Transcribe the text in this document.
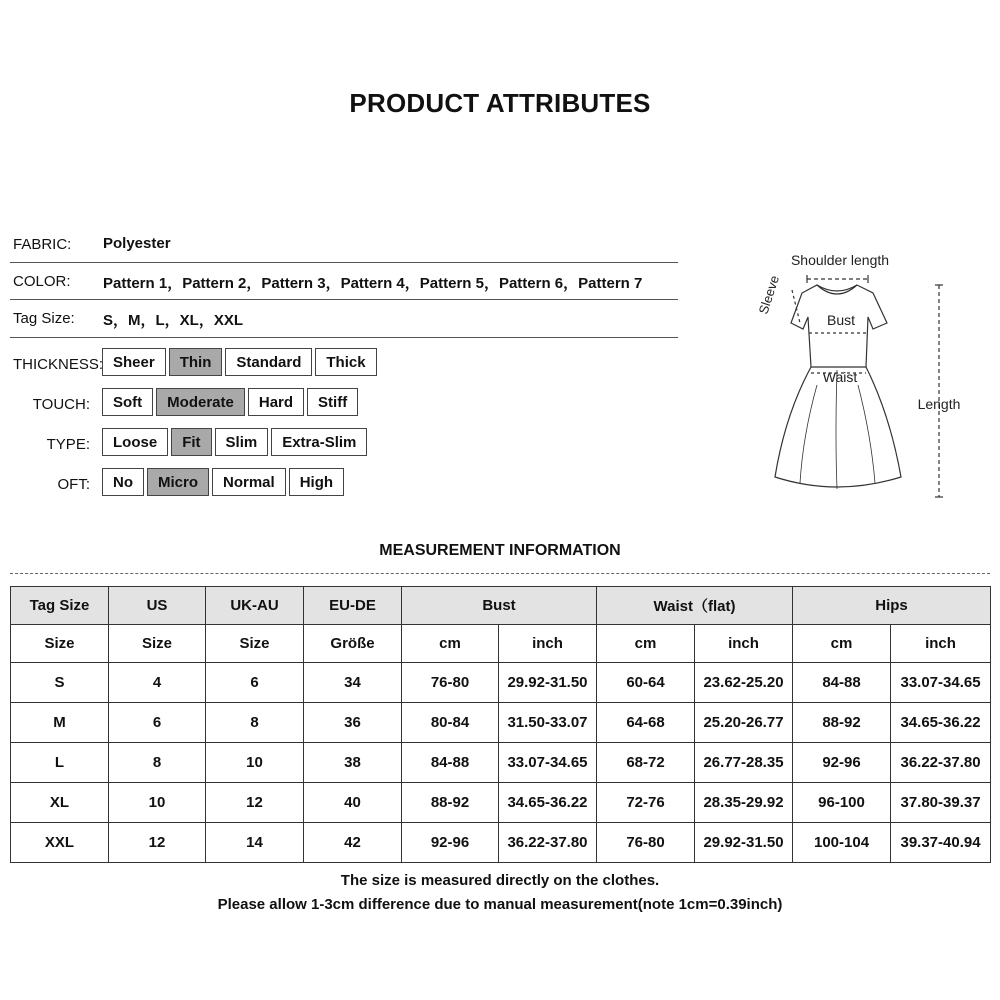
PRODUCT ATTRIBUTES
FABRIC: Polyester
COLOR: Pattern 1，Pattern 2，Pattern 3，Pattern 4，Pattern 5，Pattern 6，Pattern 7
Tag Size: S，M，L，XL，XXL
THICKNESS: Sheer	Thin	Standard	Thick
TOUCH:	Soft	Moderate	Hard	Stiff
TYPE:	Loose	Fit	Slim	Extra-Slim
OFT:	No	Micro	Normal	High
Shoulder length
Sleeve
Bust
Waist
Length
MEASUREMENT INFORMATION
Tag Size	US	UK-AU	EU-DE	Bust		Waist（flat)		Hips	
Size	Size	Size	Größe	cm	inch	cm	inch	cm	inch
S	4	6	34	76-80	29.92-31.50	60-64	23.62-25.20	84-88	33.07-34.65
M	6	8	36	80-84	31.50-33.07	64-68	25.20-26.77	88-92	34.65-36.22
L	8	10	38	84-88	33.07-34.65	68-72	26.77-28.35	92-96	36.22-37.80
XL	10	12	40	88-92	34.65-36.22	72-76	28.35-29.92	96-100	37.80-39.37
XXL	12	14	42	92-96	36.22-37.80	76-80	29.92-31.50	100-104	39.37-40.94
The size is measured directly on the clothes.
Please allow 1-3cm difference due to manual measurement(note 1cm=0.39inch)
